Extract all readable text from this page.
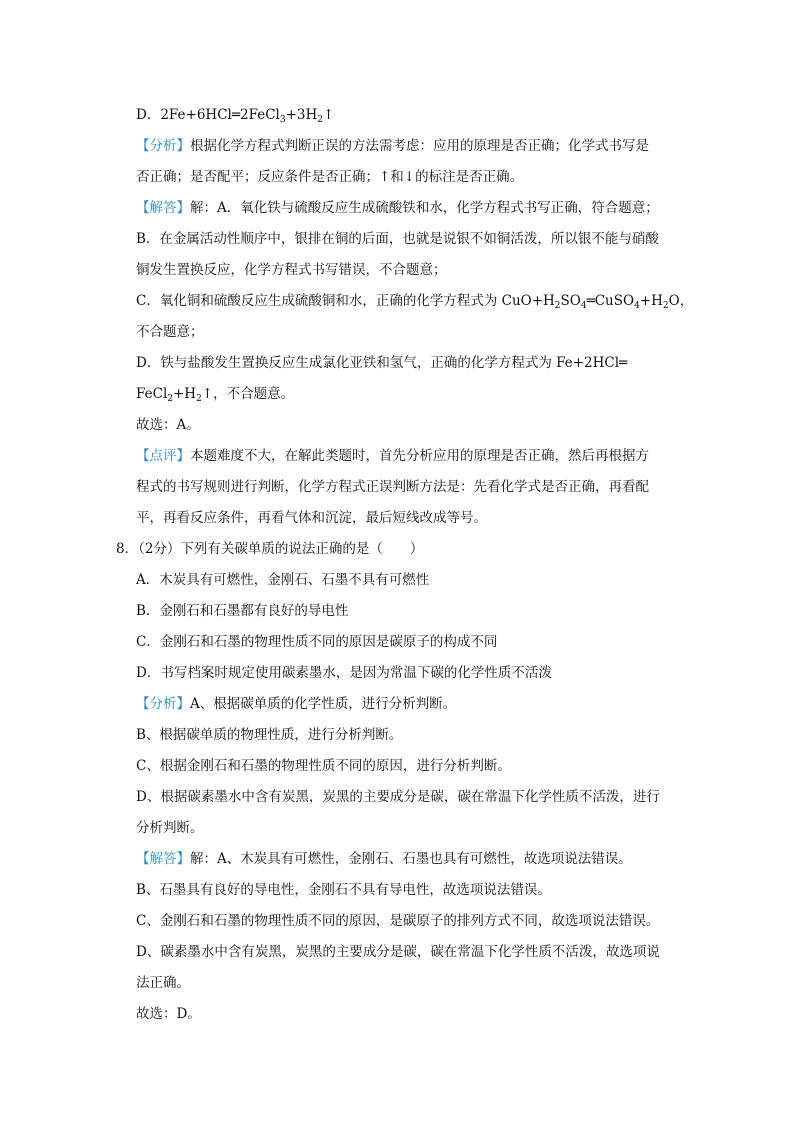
D．$2Fe+6HCl═2FeCl_3+3H_2↑$
【分析】根据化学方程式判断正误的方法需考虑：应用的原理是否正确；化学式书写是
否正确；是否配平；反应条件是否正确；↑和↓的标注是否正确。
【解答】解：A．氧化铁与硫酸反应生成硫酸铁和水，化学方程式书写正确，符合题意；
B．在金属活动性顺序中，银排在铜的后面，也就是说银不如铜活泼，所以银不能与硝酸
铜发生置换反应，化学方程式书写错误，不合题意；
C．氧化铜和硫酸反应生成硫酸铜和水，正确的化学方程式为 $CuO+H_2SO_4═CuSO_4+H_2O$，
不合题意；
D．铁与盐酸发生置换反应生成氯化亚铁和氢气，正确的化学方程式为 Fe+2HCl═
$FeCl_2+H_2↑$，不合题意。
故选：A。
【点评】本题难度不大，在解此类题时，首先分析应用的原理是否正确，然后再根据方
程式的书写规则进行判断，化学方程式正误判断方法是：先看化学式是否正确，再看配
平，再看反应条件，再看气体和沉淀，最后短线改成等号。
8．（2分）下列有关碳单质的说法正确的是（　　）
A．木炭具有可燃性，金刚石、石墨不具有可燃性
B．金刚石和石墨都有良好的导电性
C．金刚石和石墨的物理性质不同的原因是碳原子的构成不同
D．书写档案时规定使用碳素墨水，是因为常温下碳的化学性质不活泼
【分析】A、根据碳单质的化学性质，进行分析判断。
B、根据碳单质的物理性质，进行分析判断。
C、根据金刚石和石墨的物理性质不同的原因，进行分析判断。
D、根据碳素墨水中含有炭黑，炭黑的主要成分是碳，碳在常温下化学性质不活泼，进行
分析判断。
【解答】解：A、木炭具有可燃性，金刚石、石墨也具有可燃性，故选项说法错误。
B、石墨具有良好的导电性，金刚石不具有导电性，故选项说法错误。
C、金刚石和石墨的物理性质不同的原因，是碳原子的排列方式不同，故选项说法错误。
D、碳素墨水中含有炭黑，炭黑的主要成分是碳，碳在常温下化学性质不活泼，故选项说
法正确。
故选：D。
